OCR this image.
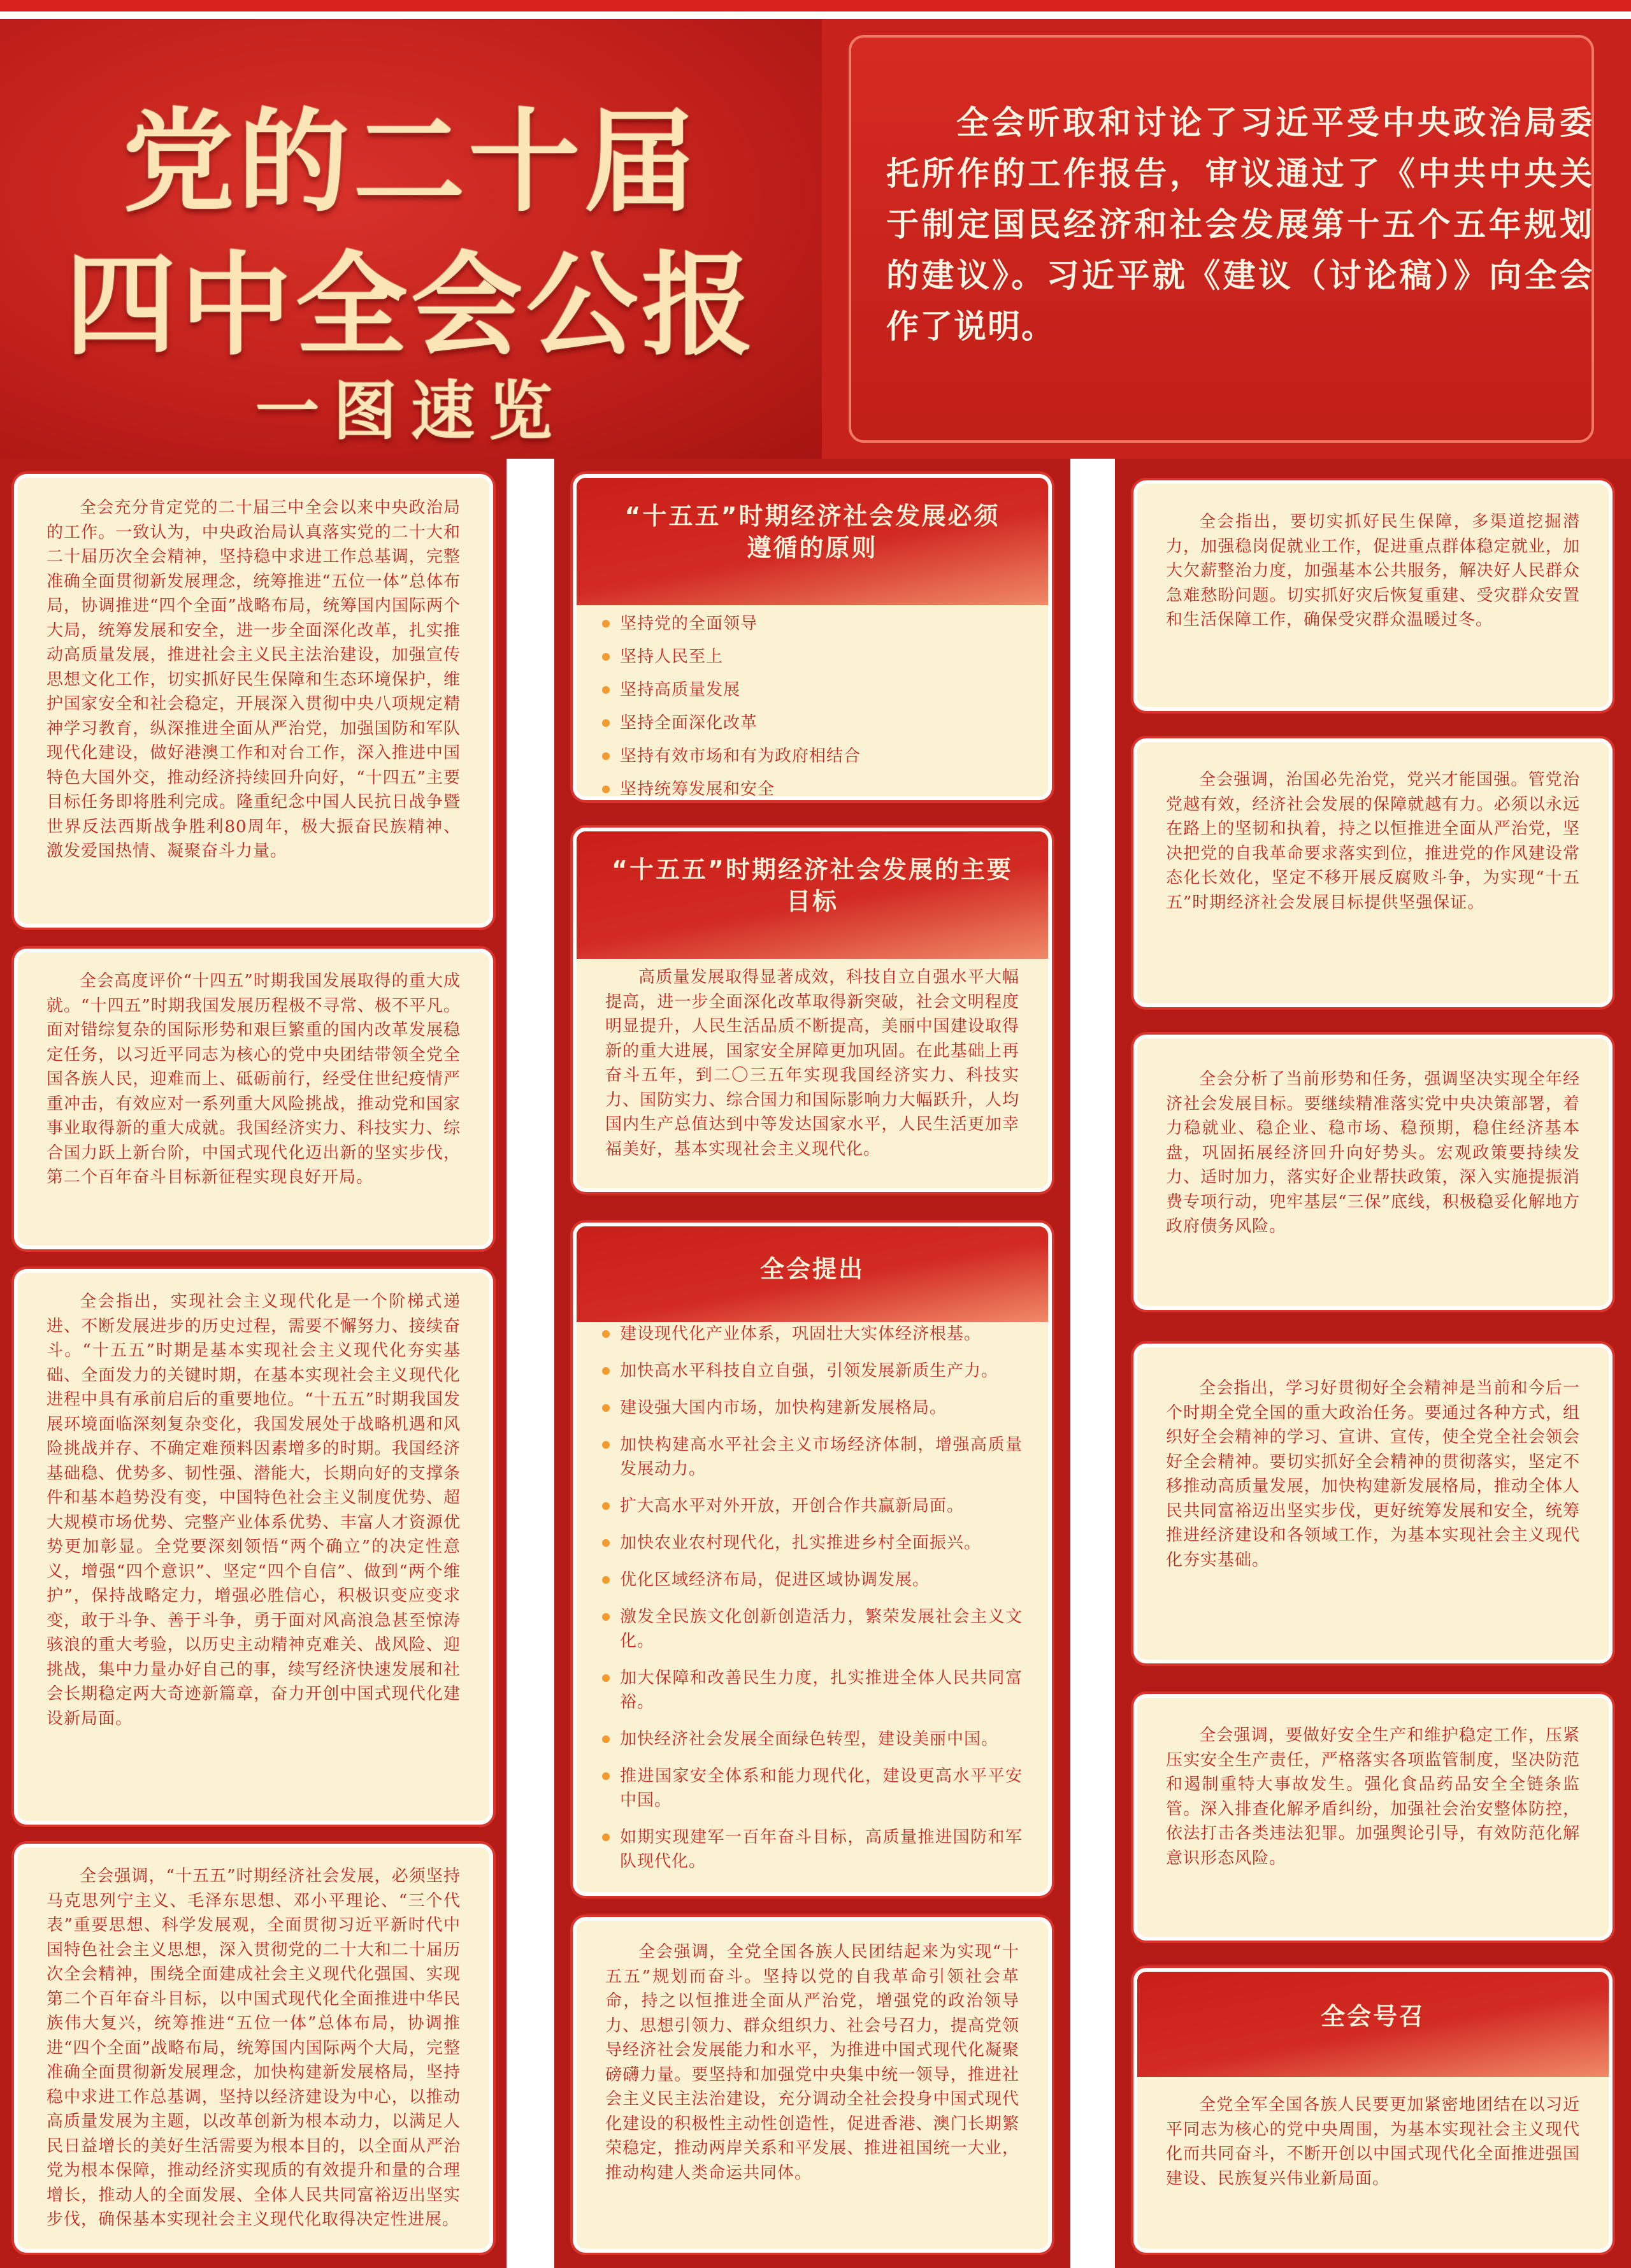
党的二十届
四中全会公报
一图速览
全会听取和讨论了习近平受中央政治局委托所作的工作报告，审议通过了《中共中央关于制定国民经济和社会发展第十五个五年规划的建议》。习近平就《建议（讨论稿）》向全会作了说明。

全会充分肯定党的二十届三中全会以来中央政治局的工作。一致认为，中央政治局认真落实党的二十大和二十届历次全会精神，坚持稳中求进工作总基调，完整准确全面贯彻新发展理念，统筹推进“五位一体”总体布局，协调推进“四个全面”战略布局，统筹国内国际两个大局，统筹发展和安全，进一步全面深化改革，扎实推动高质量发展，推进社会主义民主法治建设，加强宣传思想文化工作，切实抓好民生保障和生态环境保护，维护国家安全和社会稳定，开展深入贯彻中央八项规定精神学习教育，纵深推进全面从严治党，加强国防和军队现代化建设，做好港澳工作和对台工作，深入推进中国特色大国外交，推动经济持续回升向好，“十四五”主要目标任务即将胜利完成。隆重纪念中国人民抗日战争暨世界反法西斯战争胜利80周年，极大振奋民族精神、激发爱国热情、凝聚奋斗力量。

全会高度评价“十四五”时期我国发展取得的重大成就。“十四五”时期我国发展历程极不寻常、极不平凡。面对错综复杂的国际形势和艰巨繁重的国内改革发展稳定任务，以习近平同志为核心的党中央团结带领全党全国各族人民，迎难而上、砥砺前行，经受住世纪疫情严重冲击，有效应对一系列重大风险挑战，推动党和国家事业取得新的重大成就。我国经济实力、科技实力、综合国力跃上新台阶，中国式现代化迈出新的坚实步伐，第二个百年奋斗目标新征程实现良好开局。

全会指出，实现社会主义现代化是一个阶梯式递进、不断发展进步的历史过程，需要不懈努力、接续奋斗。“十五五”时期是基本实现社会主义现代化夯实基础、全面发力的关键时期，在基本实现社会主义现代化进程中具有承前启后的重要地位。“十五五”时期我国发展环境面临深刻复杂变化，我国发展处于战略机遇和风险挑战并存、不确定难预料因素增多的时期。我国经济基础稳、优势多、韧性强、潜能大，长期向好的支撑条件和基本趋势没有变，中国特色社会主义制度优势、超大规模市场优势、完整产业体系优势、丰富人才资源优势更加彰显。全党要深刻领悟“两个确立”的决定性意义，增强“四个意识”、坚定“四个自信”、做到“两个维护”，保持战略定力，增强必胜信心，积极识变应变求变，敢于斗争、善于斗争，勇于面对风高浪急甚至惊涛骇浪的重大考验，以历史主动精神克难关、战风险、迎挑战，集中力量办好自己的事，续写经济快速发展和社会长期稳定两大奇迹新篇章，奋力开创中国式现代化建设新局面。

全会强调，“十五五”时期经济社会发展，必须坚持马克思列宁主义、毛泽东思想、邓小平理论、“三个代表”重要思想、科学发展观，全面贯彻习近平新时代中国特色社会主义思想，深入贯彻党的二十大和二十届历次全会精神，围绕全面建成社会主义现代化强国、实现第二个百年奋斗目标，以中国式现代化全面推进中华民族伟大复兴，统筹推进“五位一体”总体布局，协调推进“四个全面”战略布局，统筹国内国际两个大局，完整准确全面贯彻新发展理念，加快构建新发展格局，坚持稳中求进工作总基调，坚持以经济建设为中心，以推动高质量发展为主题，以改革创新为根本动力，以满足人民日益增长的美好生活需要为根本目的，以全面从严治党为根本保障，推动经济实现质的有效提升和量的合理增长，推动人的全面发展、全体人民共同富裕迈出坚实步伐，确保基本实现社会主义现代化取得决定性进展。

“十五五”时期经济社会发展必须遵循的原则
坚持党的全面领导
坚持人民至上
坚持高质量发展
坚持全面深化改革
坚持有效市场和有为政府相结合
坚持统筹发展和安全
“十五五”时期经济社会发展的主要目标

高质量发展取得显著成效，科技自立自强水平大幅提高，进一步全面深化改革取得新突破，社会文明程度明显提升，人民生活品质不断提高，美丽中国建设取得新的重大进展，国家安全屏障更加巩固。在此基础上再奋斗五年，到二〇三五年实现我国经济实力、科技实力、国防实力、综合国力和国际影响力大幅跃升，人均国内生产总值达到中等发达国家水平，人民生活更加幸福美好，基本实现社会主义现代化。

全会提出
建设现代化产业体系，巩固壮大实体经济根基。
加快高水平科技自立自强，引领发展新质生产力。
建设强大国内市场，加快构建新发展格局。
加快构建高水平社会主义市场经济体制，增强高质量发展动力。
扩大高水平对外开放，开创合作共赢新局面。
加快农业农村现代化，扎实推进乡村全面振兴。
优化区域经济布局，促进区域协调发展。
激发全民族文化创新创造活力，繁荣发展社会主义文化。
加大保障和改善民生力度，扎实推进全体人民共同富裕。
加快经济社会发展全面绿色转型，建设美丽中国。
推进国家安全体系和能力现代化，建设更高水平平安中国。
如期实现建军一百年奋斗目标，高质量推进国防和军队现代化。

全会强调，全党全国各族人民团结起来为实现“十五五”规划而奋斗。坚持以党的自我革命引领社会革命，持之以恒推进全面从严治党，增强党的政治领导力、思想引领力、群众组织力、社会号召力，提高党领导经济社会发展能力和水平，为推进中国式现代化凝聚磅礴力量。要坚持和加强党中央集中统一领导，推进社会主义民主法治建设，充分调动全社会投身中国式现代化建设的积极性主动性创造性，促进香港、澳门长期繁荣稳定，推动两岸关系和平发展、推进祖国统一大业，推动构建人类命运共同体。

全会指出，要切实抓好民生保障，多渠道挖掘潜力，加强稳岗促就业工作，促进重点群体稳定就业，加大欠薪整治力度，加强基本公共服务，解决好人民群众急难愁盼问题。切实抓好灾后恢复重建、受灾群众安置和生活保障工作，确保受灾群众温暖过冬。

全会强调，治国必先治党，党兴才能国强。管党治党越有效，经济社会发展的保障就越有力。必须以永远在路上的坚韧和执着，持之以恒推进全面从严治党，坚决把党的自我革命要求落实到位，推进党的作风建设常态化长效化，坚定不移开展反腐败斗争，为实现“十五五”时期经济社会发展目标提供坚强保证。

全会分析了当前形势和任务，强调坚决实现全年经济社会发展目标。要继续精准落实党中央决策部署，着力稳就业、稳企业、稳市场、稳预期，稳住经济基本盘，巩固拓展经济回升向好势头。宏观政策要持续发力、适时加力，落实好企业帮扶政策，深入实施提振消费专项行动，兜牢基层“三保”底线，积极稳妥化解地方政府债务风险。

全会指出，学习好贯彻好全会精神是当前和今后一个时期全党全国的重大政治任务。要通过各种方式，组织好全会精神的学习、宣讲、宣传，使全党全社会领会好全会精神。要切实抓好全会精神的贯彻落实，坚定不移推动高质量发展，加快构建新发展格局，推动全体人民共同富裕迈出坚实步伐，更好统筹发展和安全，统筹推进经济建设和各领域工作，为基本实现社会主义现代化夯实基础。

全会强调，要做好安全生产和维护稳定工作，压紧压实安全生产责任，严格落实各项监管制度，坚决防范和遏制重特大事故发生。强化食品药品安全全链条监管。深入排查化解矛盾纠纷，加强社会治安整体防控，依法打击各类违法犯罪。加强舆论引导，有效防范化解意识形态风险。

全会号召

全党全军全国各族人民要更加紧密地团结在以习近平同志为核心的党中央周围，为基本实现社会主义现代化而共同奋斗，不断开创以中国式现代化全面推进强国建设、民族复兴伟业新局面。
